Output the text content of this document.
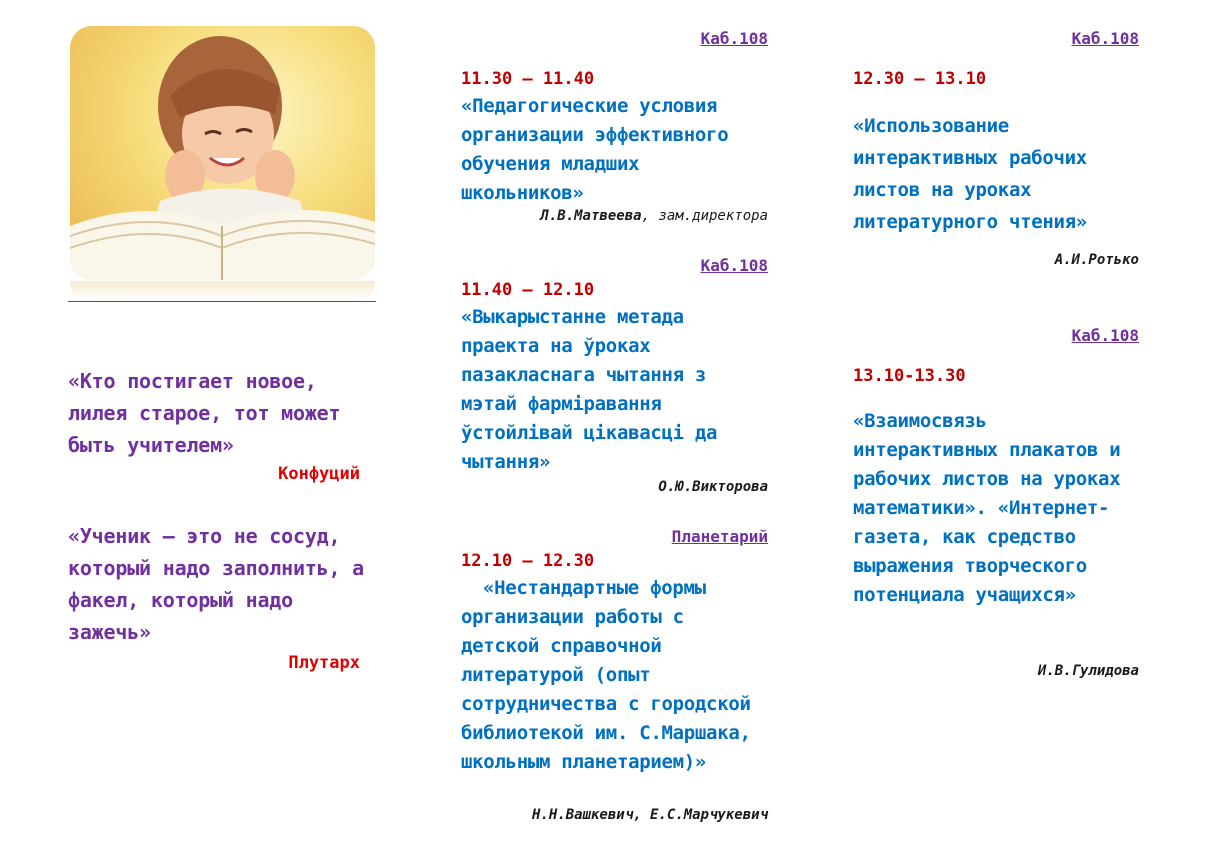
«Кто постигает новое, лилея старое, тот может быть учителем»
Конфуций
«Ученик — это не сосуд, который надо заполнить, а факел, который надо зажечь»
Плутарх
Каб.108
11.30 – 11.40
«Педагогические условия организации эффективного обучения младших школьников»
Л.В.Матвеева, зам.директора
Каб.108
11.40 – 12.10
«Выкарыстанне метада праекта на ўроках пазакласнага чытання з мэтай фарміравання ўстойлівай цікавасці да чытання»
О.Ю.Викторова
Планетарий
12.10 – 12.30
«Нестандартные формы организации работы с детской справочной литературой (опыт сотрудничества с городской библиотекой им. С.Маршака, школьным планетарием)»
Н.Н.Вашкевич, Е.С.Марчукевич
Каб.108
12.30 – 13.10
«Использование интерактивных рабочих листов на уроках литературного чтения»
А.И.Ротько
Каб.108
13.10-13.30
«Взаимосвязь интерактивных плакатов и рабочих листов на уроках математики». «Интернет-газета, как средство выражения творческого потенциала учащихся»
И.В.Гулидова
